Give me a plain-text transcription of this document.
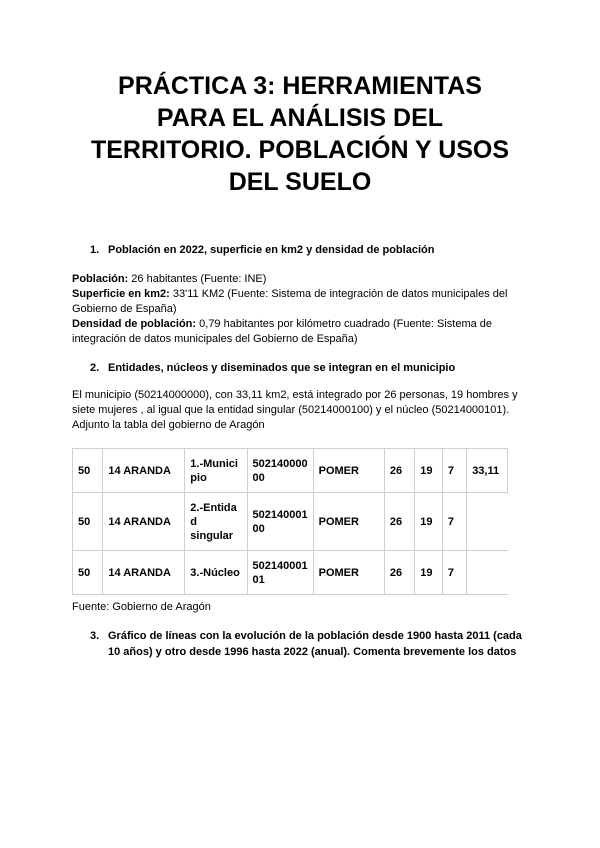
PRÁCTICA 3: HERRAMIENTAS
PARA EL ANÁLISIS DEL
TERRITORIO. POBLACIÓN Y USOS
DEL SUELO
1. Población en 2022, superficie en km2 y densidad de población
Población: 26 habitantes (Fuente: INE)
Superficie en km2: 33'11 KM2 (Fuente: Sistema de integración de datos municipales del
Gobierno de España)
Densidad de población: 0,79 habitantes por kilómetro cuadrado (Fuente: Sistema de
integración de datos municipales del Gobierno de España)
2. Entidades, núcleos y diseminados que se integran en el municipio
El municipio (50214000000), con 33,11 km2, está integrado por 26 personas, 19 hombres y
siete mujeres , al igual que la entidad singular (50214000100) y el núcleo (50214000101).
Adjunto la tabla del gobierno de Aragón
50	14 ARANDA	1.-Munici pio	502140000 00	POMER	26	19	7	33,11
50	14 ARANDA	2.-Entida d singular	502140001 00	POMER	26	19	7	
50	14 ARANDA	3.-Núcleo	502140001 01	POMER	26	19	7	
Fuente: Gobierno de Aragón
3. Gráfico de líneas con la evolución de la población desde 1900 hasta 2011 (cada
10 años) y otro desde 1996 hasta 2022 (anual). Comenta brevemente los datos
